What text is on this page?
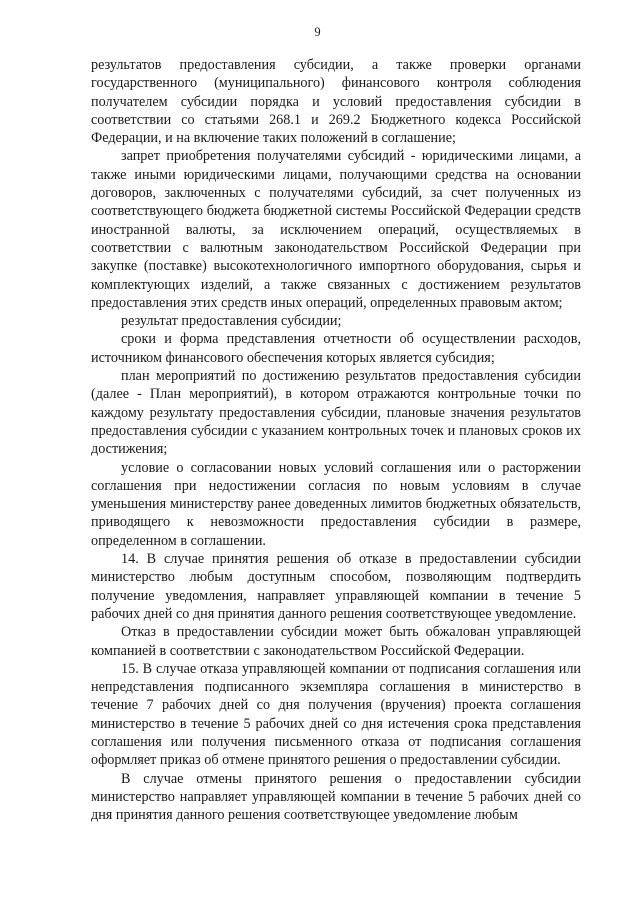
9

результатов предоставления субсидии, а также проверки органами государственного (муниципального) финансового контроля соблюдения получателем субсидии порядка и условий предоставления субсидии в соответствии со статьями 268.1 и 269.2 Бюджетного кодекса Российской Федерации, и на включение таких положений в соглашение;

запрет приобретения получателями субсидий - юридическими лицами, а также иными юридическими лицами, получающими средства на основании договоров, заключенных с получателями субсидий, за счет полученных из соответствующего бюджета бюджетной системы Российской Федерации средств иностранной валюты, за исключением операций, осуществляемых в соответствии с валютным законодательством Российской Федерации при закупке (поставке) высокотехнологичного импортного оборудования, сырья и комплектующих изделий, а также связанных с достижением результатов предоставления этих средств иных операций, определенных правовым актом;

результат предоставления субсидии;

сроки и форма представления отчетности об осуществлении расходов, источником финансового обеспечения которых является субсидия;

план мероприятий по достижению результатов предоставления субсидии (далее - План мероприятий), в котором отражаются контрольные точки по каждому результату предоставления субсидии, плановые значения результатов предоставления субсидии с указанием контрольных точек и плановых сроков их достижения;

условие о согласовании новых условий соглашения или о расторжении соглашения при недостижении согласия по новым условиям в случае уменьшения министерству ранее доведенных лимитов бюджетных обязательств, приводящего к невозможности предоставления субсидии в размере, определенном в соглашении.

14. В случае принятия решения об отказе в предоставлении субсидии министерство любым доступным способом, позволяющим подтвердить получение уведомления, направляет управляющей компании в течение 5 рабочих дней со дня принятия данного решения соответствующее уведомление.

Отказ в предоставлении субсидии может быть обжалован управляющей компанией в соответствии с законодательством Российской Федерации.

15. В случае отказа управляющей компании от подписания соглашения или непредставления подписанного экземпляра соглашения в министерство в течение 7 рабочих дней со дня получения (вручения) проекта соглашения министерство в течение 5 рабочих дней со дня истечения срока представления соглашения или получения письменного отказа от подписания соглашения оформляет приказ об отмене принятого решения о предоставлении субсидии.

В случае отмены принятого решения о предоставлении субсидии министерство направляет управляющей компании в течение 5 рабочих дней со дня принятия данного решения соответствующее уведомление любым
